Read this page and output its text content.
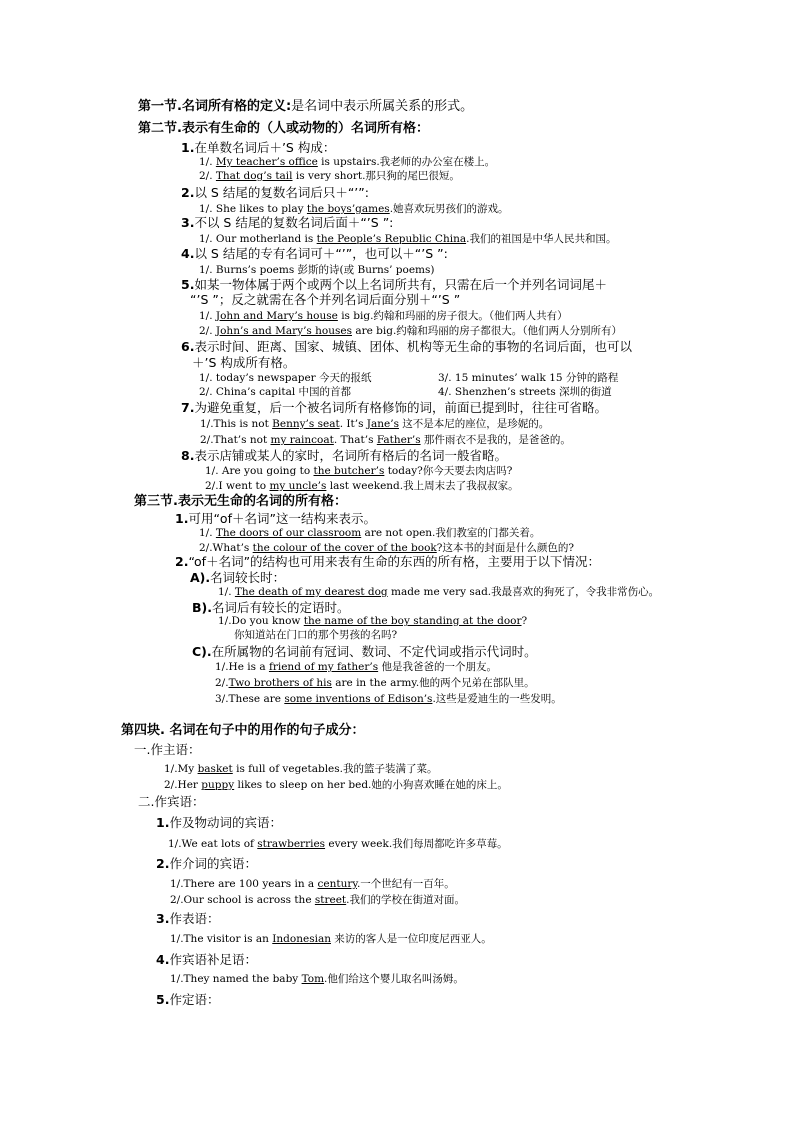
第一节.名词所有格的定义:是名词中表示所属关系的形式。
第二节.表示有生命的（人或动物的）名词所有格：
1.在单数名词后＋’S 构成：
1/. My teacher’s office is upstairs.我老师的办公室在楼上。
2/. That dog’s tail is very short.那只狗的尾巴很短。
2.以 S 结尾的复数名词后只＋“’”:
1/. She likes to play the boys’games.她喜欢玩男孩们的游戏。
3.不以 S 结尾的复数名词后面＋“’S ”:
1/. Our motherland is the People’s Republic China.我们的祖国是中华人民共和国。
4.以 S 结尾的专有名词可＋“’”，也可以＋“’S ”:
1/. Burns’s poems 彭斯的诗(或 Burns’ poems)
5.如某一物体属于两个或两个以上名词所共有，只需在后一个并列名词词尾＋
“’S ”；反之就需在各个并列名词后面分别＋“’S ”
1/. John and Mary’s house is big.约翰和玛丽的房子很大。（他们两人共有）
2/. John’s and Mary’s houses are big.约翰和玛丽的房子都很大。（他们两人分别所有）
6.表示时间、距离、国家、城镇、团体、机构等无生命的事物的名词后面，也可以
＋’S 构成所有格。
1/. today’s newspaper 今天的报纸	3/. 15 minutes’ walk 15 分钟的路程
2/. China’s capital 中国的首都	4/. Shenzhen’s streets 深圳的街道
7.为避免重复，后一个被名词所有格修饰的词，前面已提到时，往往可省略。
1/.This is not Benny’s seat. It’s Jane’s 这不是本尼的座位，是珍妮的。
2/.That’s not my raincoat. That’s Father’s 那件雨衣不是我的，是爸爸的。
8.表示店铺或某人的家时，名词所有格后的名词一般省略。
1/. Are you going to the butcher’s today?你今天要去肉店吗?
2/.I went to my uncle’s last weekend.我上周末去了我叔叔家。
第三节.表示无生命的名词的所有格：
1.可用“of＋名词”这一结构来表示。
1/. The doors of our classroom are not open.我们教室的门都关着。
2/.What’s the colour of the cover of the book?这本书的封面是什么颜色的?
2.“of＋名词”的结构也可用来表有生命的东西的所有格，主要用于以下情况：
A).名词较长时：
1/. The death of my dearest dog made me very sad.我最喜欢的狗死了，令我非常伤心。
B).名词后有较长的定语时。
1/.Do you know the name of the boy standing at the door?
你知道站在门口的那个男孩的名吗?
C).在所属物的名词前有冠词、数词、不定代词或指示代词时。
1/.He is a friend of my father’s 他是我爸爸的一个朋友。
2/.Two brothers of his are in the army.他的两个兄弟在部队里。
3/.These are some inventions of Edison’s.这些是爱迪生的一些发明。
第四块. 名词在句子中的用作的句子成分：
一.作主语：
1/.My basket is full of vegetables.我的篮子装满了菜。
2/.Her puppy likes to sleep on her bed.她的小狗喜欢睡在她的床上。
二.作宾语：
1.作及物动词的宾语：
1/.We eat lots of strawberries every week.我们每周都吃许多草莓。
2.作介词的宾语：
1/.There are 100 years in a century.一个世纪有一百年。
2/.Our school is across the street.我们的学校在街道对面。
3.作表语：
1/.The visitor is an Indonesian 来访的客人是一位印度尼西亚人。
4.作宾语补足语：
1/.They named the baby Tom.他们给这个婴儿取名叫汤姆。
5.作定语：
